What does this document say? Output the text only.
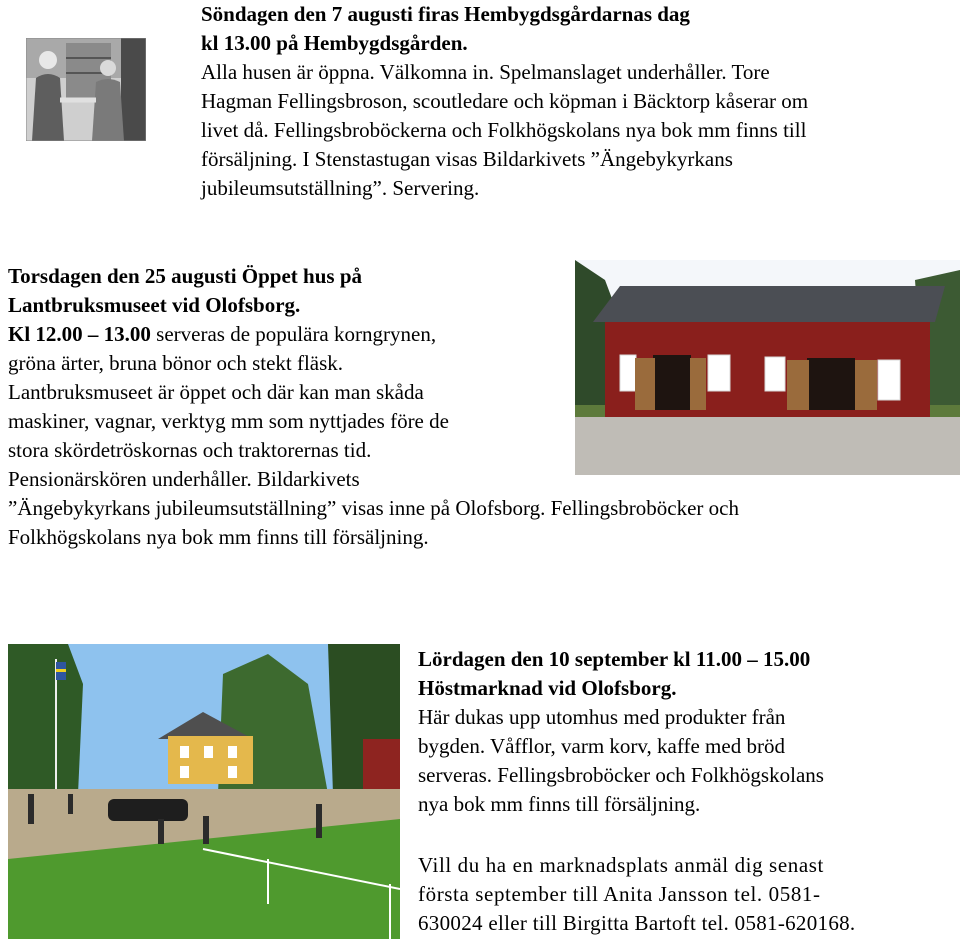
Söndagen den 7 augusti firas Hembygdsgårdarnas dag

kl 13.00 på Hembygdsgården.

Alla husen är öppna. Välkomna in. Spelmanslaget underhåller. Tore

Hagman Fellingsbroson, scoutledare och köpman i Bäcktorp kåserar om

livet då. Fellingsbroböckerna och Folkhögskolans nya bok mm finns till

försäljning. I Stenstastugan visas Bildarkivets ”Ängebykyrkans

jubileumsutställning”. Servering.

Torsdagen den 25 augusti Öppet hus på

Lantbruksmuseet vid Olofsborg.

Kl 12.00 – 13.00 serveras de populära korngrynen,

gröna ärter, bruna bönor och stekt fläsk.

Lantbruksmuseet är öppet och där kan man skåda

maskiner, vagnar, verktyg mm som nyttjades före de

stora skördetröskornas och traktorernas tid.

Pensionärskören underhåller. Bildarkivets

”Ängebykyrkans jubileumsutställning” visas inne på Olofsborg. Fellingsbroböcker och

Folkhögskolans nya bok mm finns till försäljning.

Lördagen den 10 september kl 11.00 – 15.00

Höstmarknad vid Olofsborg.

Här dukas upp utomhus med produkter från

bygden. Våfflor, varm korv, kaffe med bröd

serveras. Fellingsbroböcker och Folkhögskolans

nya bok mm finns till försäljning.

Vill du ha en marknadsplats anmäl dig senast

första september till Anita Jansson tel. 0581-

630024 eller till Birgitta Bartoft tel. 0581-620168.
